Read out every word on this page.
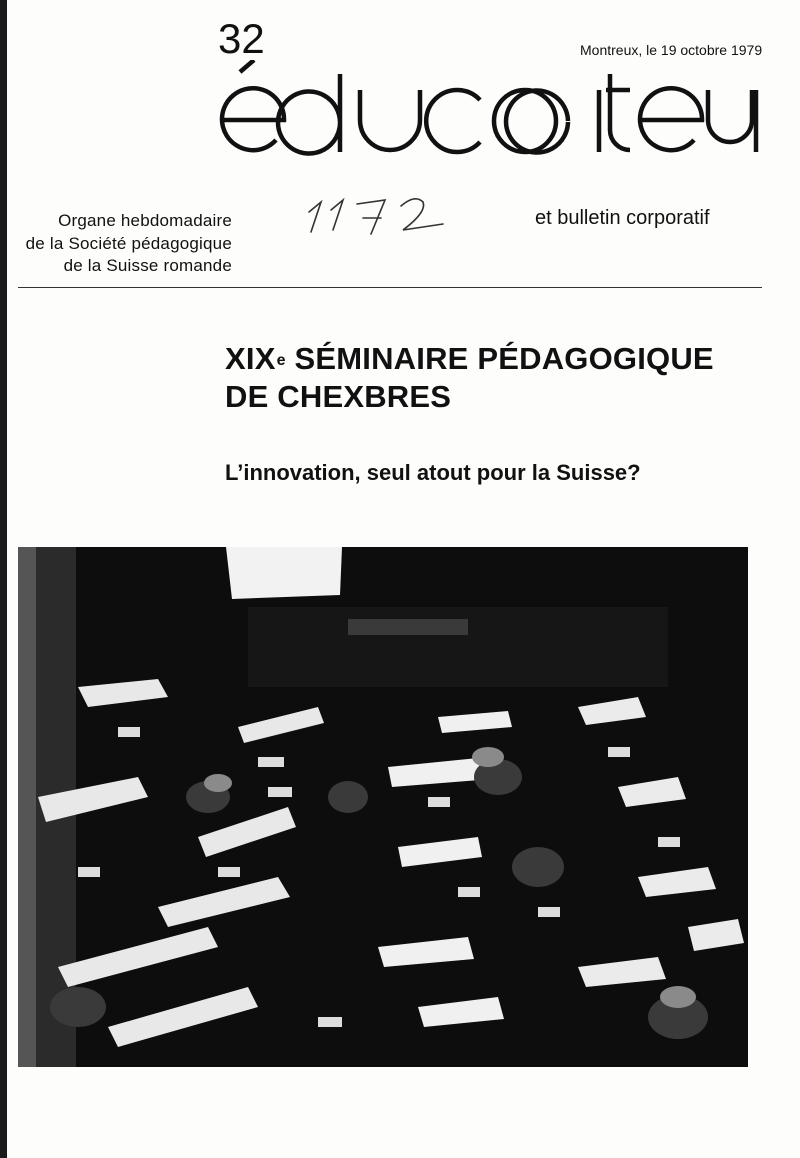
32	Montreux, le 19 octobre 1979
Organe hebdomadaire
de la Société pédagogique
de la Suisse romande
et bulletin corporatif
XIXe SÉMINAIRE PÉDAGOGIQUE
DE CHEXBRES
L’innovation, seul atout pour la Suisse?
